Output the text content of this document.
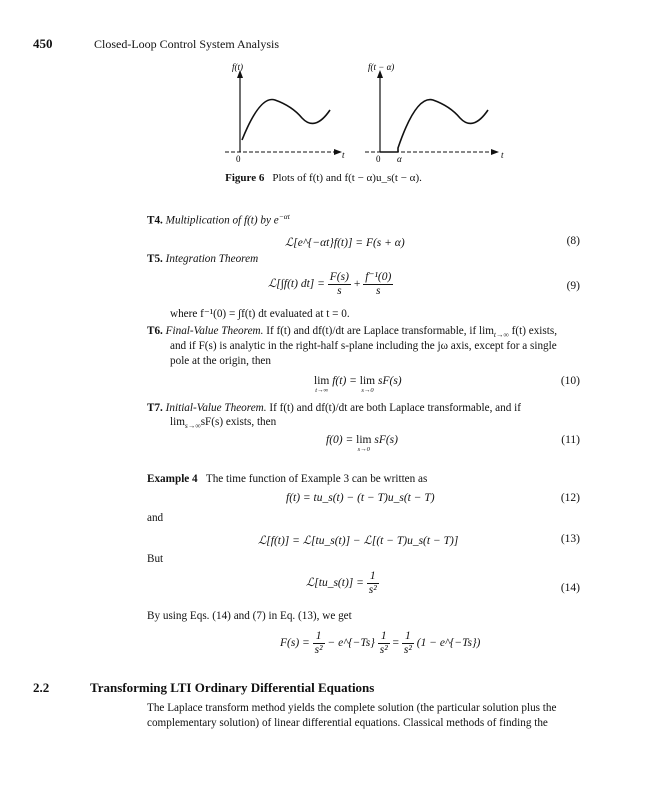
450	Closed-Loop Control System Analysis
f(t)
0	t
f(t − α)
0 α	t
Figure 6 Plots of f(t) and f(t − α)u_s(t − α).
T4. Multiplication of f(t) by $e^{-\alpha t}$
ℒ[e^{−αt}f(t)] = F(s + α)	(8)
T5. Integration Theorem
ℒ[∫f(t) $dt] = \frac{F(s)}{s} + \frac{\text{f⁻¹(0)}}{s}$	(9)
where f⁻¹(0) = ∫f(t) dt evaluated at t = 0.
T6. Final-Value Theorem. If f(t) and df(t)/dt are Laplace transformable, if $\lim_{t\to\infty} f(t)$ exists,
and if F(s) is analytic in the right-half s-plane including the jω axis, except for a single
pole at the origin, then
lim
t→∞
f(t) = lim
s→0
sF(s)	(10)
T7. Initial-Value Theorem. If f(t) and df(t)/dt are both Laplace transformable, and if
$\lim_{s\to\infty}sF(s)$ exists, then
f(0) = lim
s→0
sF(s)	(11)
Example 4 The time function of Example 3 can be written as
f(t) = tu_s(t) − (t − T)u_s(t − T)	(12)
and
ℒ[f(t)] = ℒ[tu_s(t)] − ℒ[(t − T)u_s(t − T)]	(13)
But
ℒ[tu_s(t)] = $\frac{1}{\text{s²}}$	(14)
By using Eqs. (14) and (7) in Eq. (13), we get
$F(s) = \frac{1}{\text{s²}}$ − e^{−Ts} $\frac{1}{\text{s²}} = \frac{1}{\text{s²}} (1$ − e^{−Ts})
2.2	Transforming LTI Ordinary Differential Equations
The Laplace transform method yields the complete solution (the particular solution plus the
complementary solution) of linear differential equations. Classical methods of finding the
